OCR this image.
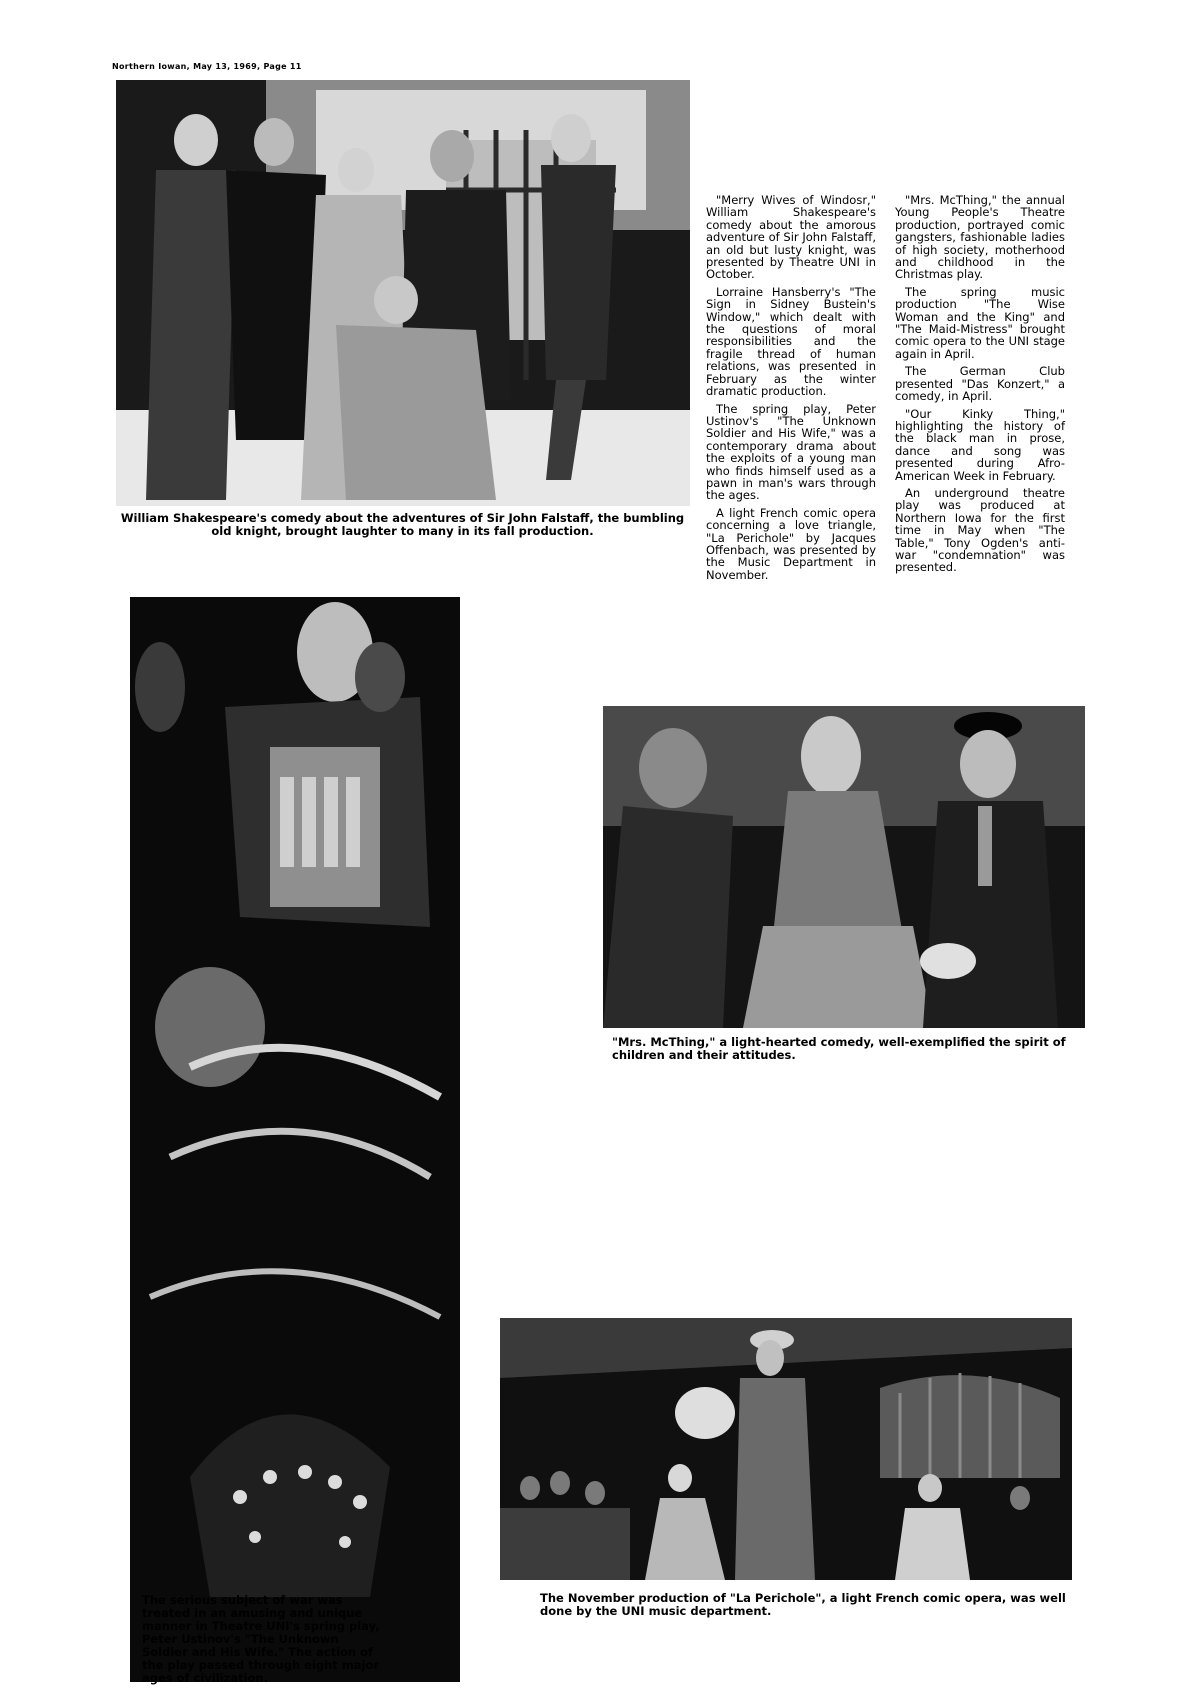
Northern Iowan, May 13, 1969, Page 11
William Shakespeare's comedy about the adventures of Sir John Falstaff, the bumbling old knight, brought laughter to many in its fall production.

"Merry Wives of Windosr," William Shakespeare's comedy about the amorous adventure of Sir John Falstaff, an old but lusty knight, was presented by Theatre UNI in October.

Lorraine Hansberry's "The Sign in Sidney Bustein's Window," which dealt with the questions of moral responsibilities and the fragile thread of human relations, was presented in February as the winter dramatic production.

The spring play, Peter Ustinov's "The Unknown Soldier and His Wife," was a contemporary drama about the exploits of a young man who finds himself used as a pawn in man's wars through the ages.

A light French comic opera concerning a love triangle, "La Perichole" by Jacques Offenbach, was presented by the Music Department in November.

"Mrs. McThing," the annual Young People's Theatre production, portrayed comic gangsters, fashionable ladies of high society, motherhood and childhood in the Christmas play.

The spring music production "The Wise Woman and the King" and "The Maid-Mistress" brought comic opera to the UNI stage again in April.

The German Club presented "Das Konzert," a comedy, in April.

"Our Kinky Thing," highlighting the history of the black man in prose, dance and song was presented during Afro-American Week in February.

An underground theatre play was produced at Northern Iowa for the first time in May when "The Table," Tony Ogden's anti-war "condemnation" was presented.

The serious subject of war was treated in an amusing and unique manner in Theatre UNI's spring play, Peter Ustinov's "The Unknown Soldier and His Wife." The action of the play passed through eight major ages of civilization.
"Mrs. McThing," a light-hearted comedy, well-exemplified the spirit of children and their attitudes.
The November production of "La Perichole", a light French comic opera, was well done by the UNI music department.
